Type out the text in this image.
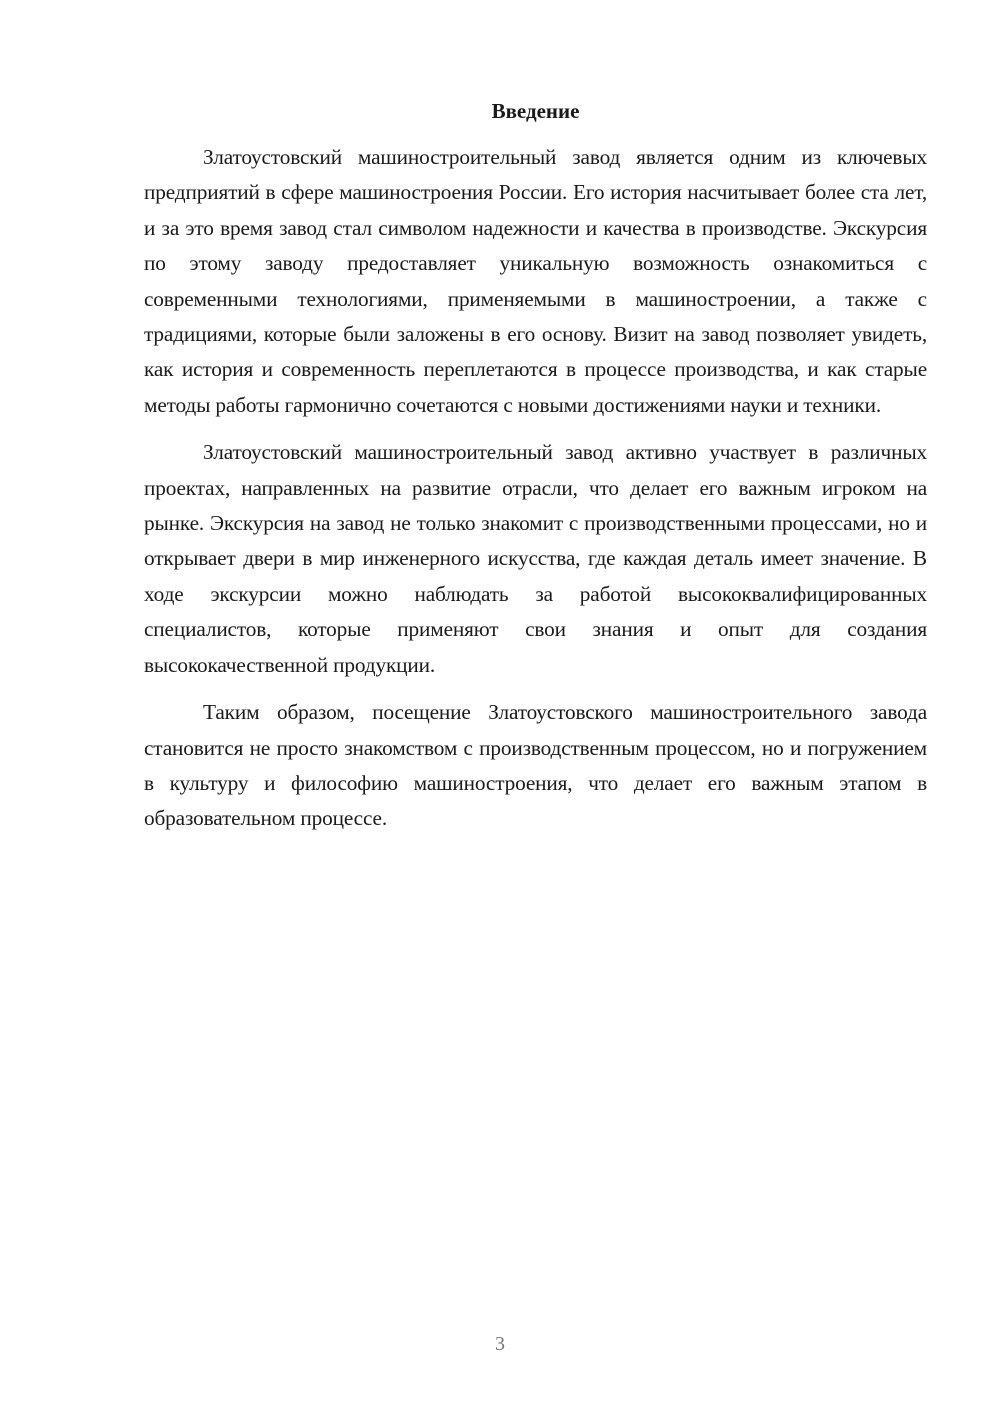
Введение

Златоустовский машиностроительный завод является одним из ключевых предприятий в сфере машиностроения России. Его история насчитывает более ста лет, и за это время завод стал символом надежности и качества в производстве. Экскурсия по этому заводу предоставляет уникальную возможность ознакомиться с современными технологиями, применяемыми в машиностроении, а также с традициями, которые были заложены в его основу. Визит на завод позволяет увидеть, как история и современность переплетаются в процессе производства, и как старые методы работы гармонично сочетаются с новыми достижениями науки и техники.

Златоустовский машиностроительный завод активно участвует в различных проектах, направленных на развитие отрасли, что делает его важным игроком на рынке. Экскурсия на завод не только знакомит с производственными процессами, но и открывает двери в мир инженерного искусства, где каждая деталь имеет значение. В ходе экскурсии можно наблюдать за работой высококвалифицированных специалистов, которые применяют свои знания и опыт для создания высококачественной продукции.

Таким образом, посещение Златоустовского машиностроительного завода становится не просто знакомством с производственным процессом, но и погружением в культуру и философию машиностроения, что делает его важным этапом в образовательном процессе.

3
